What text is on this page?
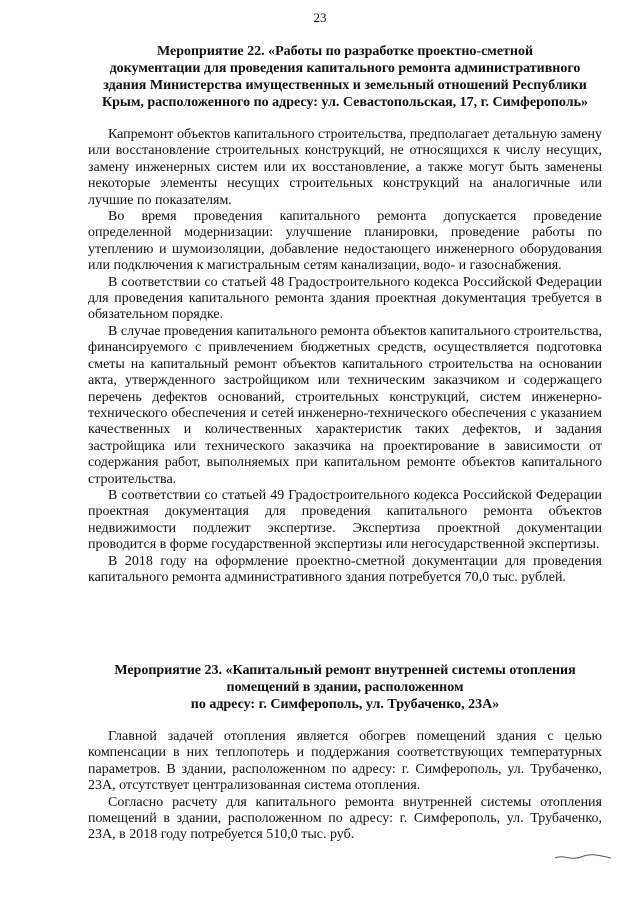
23
Мероприятие 22. «Работы по разработке проектно-сметной
документации для проведения капитального ремонта административного
здания Министерства имущественных и земельный отношений Республики
Крым, расположенного по адресу: ул. Севастопольская, 17, г. Симферополь»

Капремонт объектов капитального строительства, предполагает детальную замену или восстановление строительных конструкций, не относящихся к числу несущих, замену инженерных систем или их восстановление, а также могут быть заменены некоторые элементы несущих строительных конструкций на аналогичные или лучшие по показателям.

Во время проведения капитального ремонта допускается проведение определенной модернизации: улучшение планировки, проведение работы по утеплению и шумоизоляции, добавление недостающего инженерного оборудования или подключения к магистральным сетям канализации, водо- и газоснабжения.

В соответствии со статьей 48 Градостроительного кодекса Российской Федерации для проведения капитального ремонта здания проектная документация требуется в обязательном порядке.

В случае проведения капитального ремонта объектов капитального строительства, финансируемого с привлечением бюджетных средств, осуществляется подготовка сметы на капитальный ремонт объектов капитального строительства на основании акта, утвержденного застройщиком или техническим заказчиком и содержащего перечень дефектов оснований, строительных конструкций, систем инженерно-технического обеспечения и сетей инженерно-технического обеспечения с указанием качественных и количественных характеристик таких дефектов, и задания застройщика или технического заказчика на проектирование в зависимости от содержания работ, выполняемых при капитальном ремонте объектов капитального строительства.

В соответствии со статьей 49 Градостроительного кодекса Российской Федерации проектная документация для проведения капитального ремонта объектов недвижимости подлежит экспертизе. Экспертиза проектной документации проводится в форме государственной экспертизы или негосударственной экспертизы.

В 2018 году на оформление проектно-сметной документации для проведения капитального ремонта административного здания потребуется 70,0 тыс. рублей.

Мероприятие 23. «Капитальный ремонт внутренней системы отопления
помещений в здании, расположенном
по адресу: г. Симферополь, ул. Трубаченко, 23А»

Главной задачей отопления является обогрев помещений здания с целью компенсации в них теплопотерь и поддержания соответствующих температурных параметров. В здании, расположенном по адресу: г. Симферополь, ул. Трубаченко, 23А, отсутствует централизованная система отопления.

Согласно расчету для капитального ремонта внутренней системы отопления помещений в здании, расположенном по адресу: г. Симферополь, ул. Трубаченко, 23А, в 2018 году потребуется 510,0 тыс. руб.
